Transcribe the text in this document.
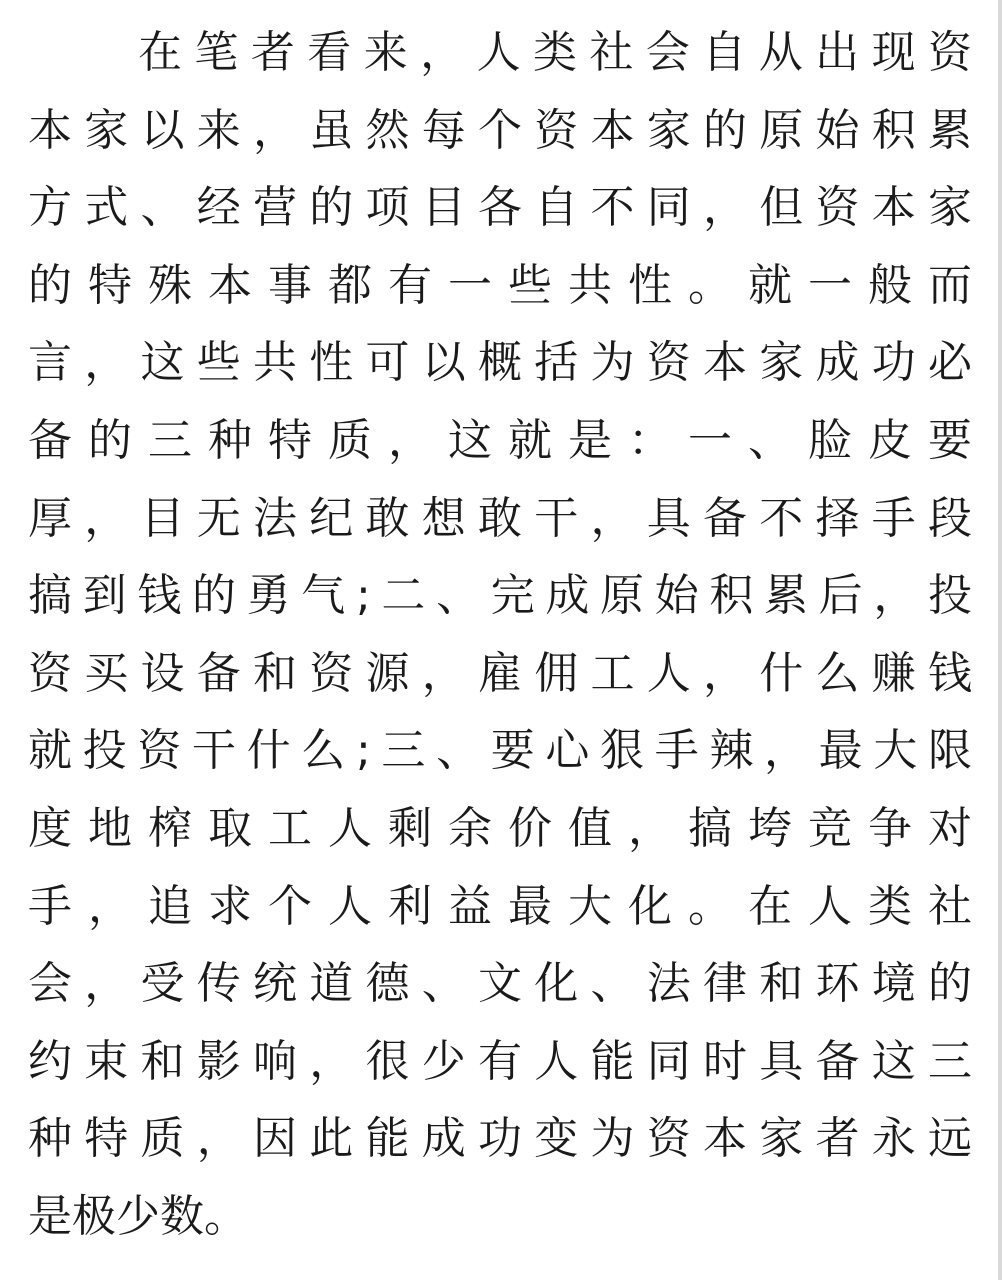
在笔者看来，人类社会自从出现资
本家以来，虽然每个资本家的原始积累
方式、经营的项目各自不同，但资本家
的特殊本事都有一些共性。就一般而
言，这些共性可以概括为资本家成功必
备的三种特质，这就是：一、脸皮要
厚，目无法纪敢想敢干，具备不择手段
搞到钱的勇气;二、完成原始积累后，投
资买设备和资源，雇佣工人，什么赚钱
就投资干什么;三、要心狠手辣，最大限
度地榨取工人剩余价值，搞垮竞争对
手，追求个人利益最大化。在人类社
会，受传统道德、文化、法律和环境的
约束和影响，很少有人能同时具备这三
种特质，因此能成功变为资本家者永远
是极少数。
